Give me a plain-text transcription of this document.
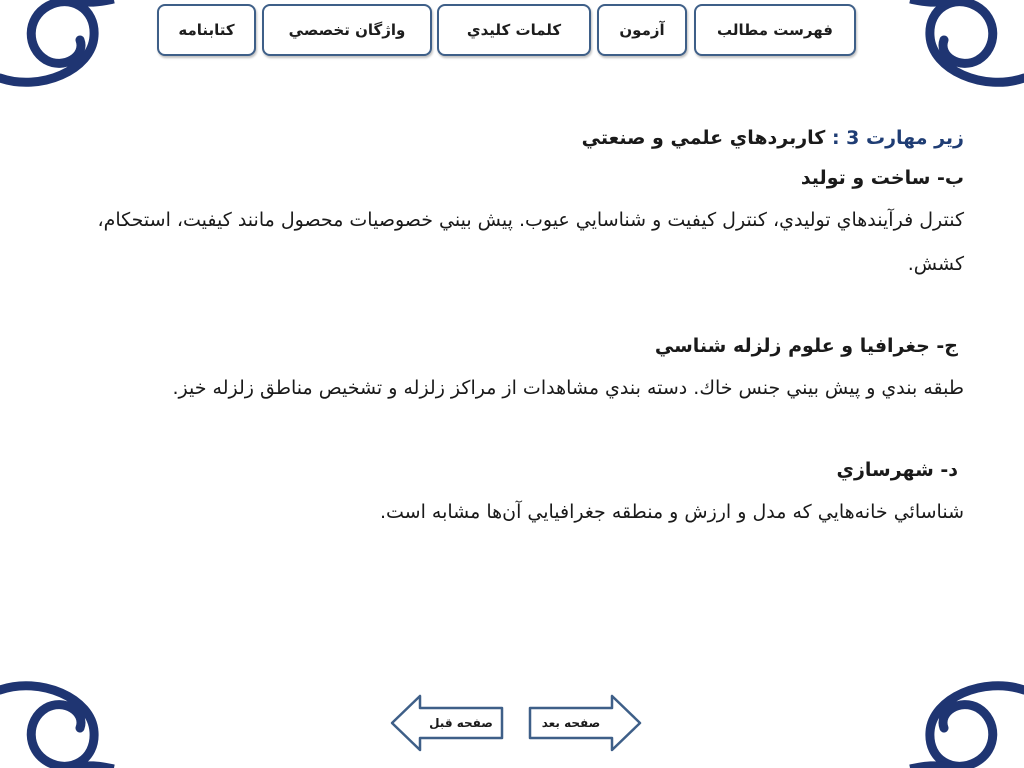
فهرست مطالب
آزمون
كلمات كليدي
واژگان تخصصي
كتابنامه

زير مهارت 3 : كاربردهاي علمي و صنعتي

ب- ساخت و توليد

كنترل فرآيندهاي توليدي، كنترل كيفيت و شناسايي عيوب. پيش بيني خصوصيات محصول مانند كيفيت، استحكام، كشش.

ج- جغرافيا و علوم زلزله شناسي

طبقه بندي و پيش بيني جنس خاك. دسته بندي مشاهدات از مراكز زلزله و تشخيص مناطق زلزله خيز.

د- شهرسازي

شناسائي خانه‌هايي كه مدل و ارزش و منطقه جغرافيايي آن‌ها مشابه است.

صفحه قبل	صفحه بعد
